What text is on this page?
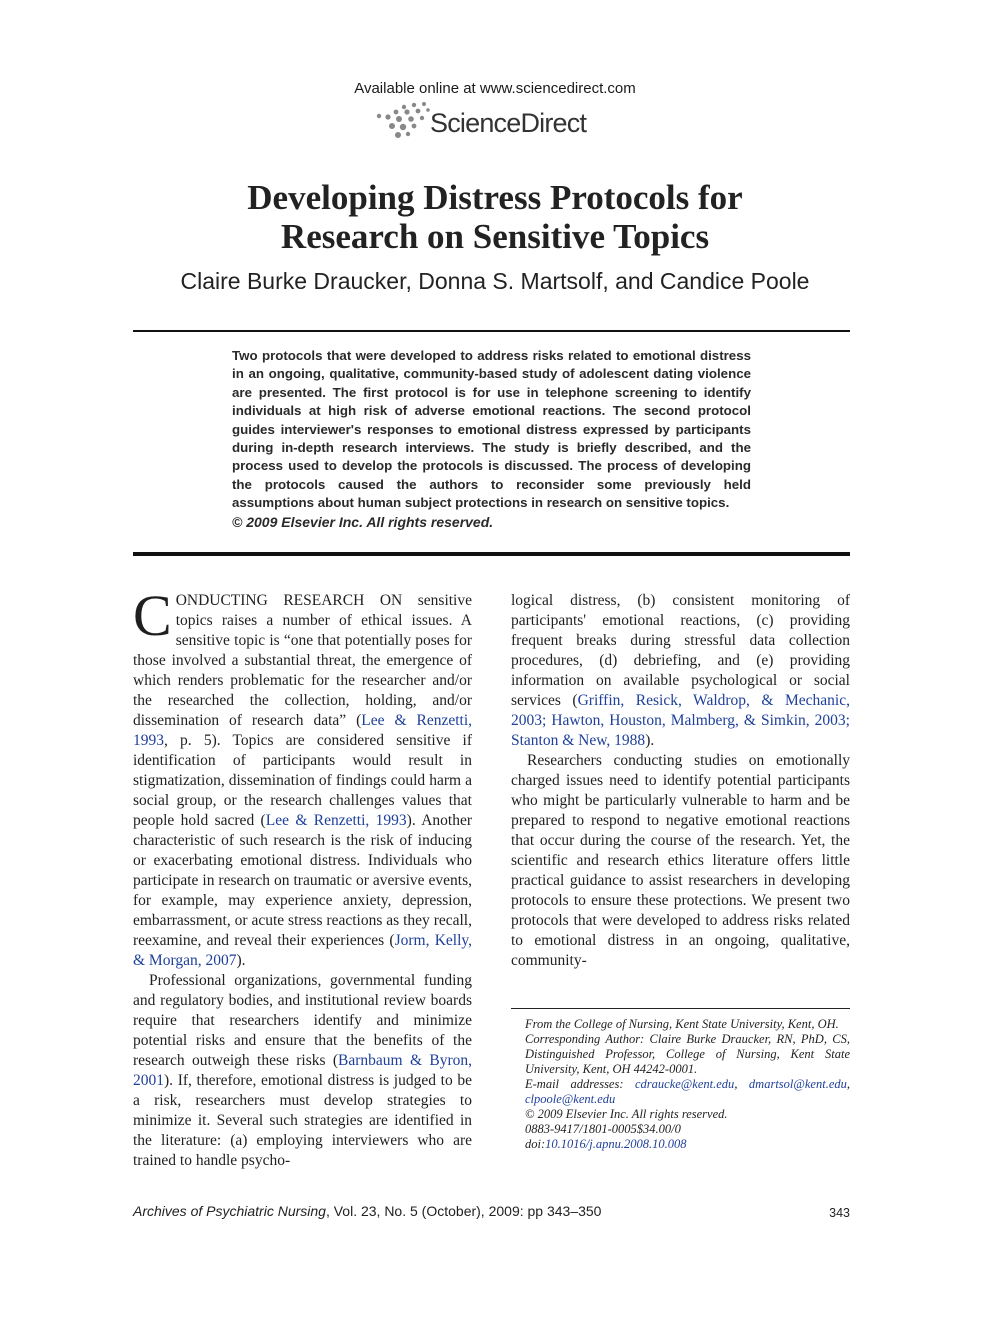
Available online at www.sciencedirect.com
ScienceDirect
Developing Distress Protocols for
Research on Sensitive Topics
Claire Burke Draucker, Donna S. Martsolf, and Candice Poole
Two protocols that were developed to address risks related to emotional distress in an ongoing, qualitative, community-based study of adolescent dating violence are presented. The first protocol is for use in telephone screening to identify individuals at high risk of adverse emotional reactions. The second protocol guides interviewer's responses to emotional distress expressed by participants during in-depth research interviews. The study is briefly described, and the process used to develop the protocols is discussed. The process of developing the protocols caused the authors to reconsider some previously held assumptions about human subject protections in research on sensitive topics.
© 2009 Elsevier Inc. All rights reserved.

CONDUCTING RESEARCH ON sensitive topics raises a number of ethical issues. A sensitive topic is “one that potentially poses for those involved a substantial threat, the emergence of which renders problematic for the researcher and/or the researched the collection, holding, and/or dissemination of research data” (Lee & Renzetti, 1993, p. 5). Topics are considered sensitive if identification of participants would result in stigmatization, dissemination of findings could harm a social group, or the research challenges values that people hold sacred (Lee & Renzetti, 1993). Another characteristic of such research is the risk of inducing or exacerbating emotional distress. Individuals who participate in research on traumatic or aversive events, for example, may experience anxiety, depression, embarrassment, or acute stress reactions as they recall, reexamine, and reveal their experiences (Jorm, Kelly, & Morgan, 2007).

Professional organizations, governmental funding and regulatory bodies, and institutional review boards require that researchers identify and minimize potential risks and ensure that the benefits of the research outweigh these risks (Barnbaum & Byron, 2001). If, therefore, emotional distress is judged to be a risk, researchers must develop strategies to minimize it. Several such strategies are identified in the literature: (a) employing interviewers who are trained to handle psycho-

logical distress, (b) consistent monitoring of participants' emotional reactions, (c) providing frequent breaks during stressful data collection procedures, (d) debriefing, and (e) providing information on available psychological or social services (Griffin, Resick, Waldrop, & Mechanic, 2003; Hawton, Houston, Malmberg, & Simkin, 2003; Stanton & New, 1988).

Researchers conducting studies on emotionally charged issues need to identify potential participants who might be particularly vulnerable to harm and be prepared to respond to negative emotional reactions that occur during the course of the research. Yet, the scientific and research ethics literature offers little practical guidance to assist researchers in developing protocols to ensure these protections. We present two protocols that were developed to address risks related to emotional distress in an ongoing, qualitative, community-

From the College of Nursing, Kent State University, Kent, OH.

Corresponding Author: Claire Burke Draucker, RN, PhD, CS, Distinguished Professor, College of Nursing, Kent State University, Kent, OH 44242-0001.

E-mail addresses: cdraucke@kent.edu, dmartsol@kent.edu, clpoole@kent.edu

© 2009 Elsevier Inc. All rights reserved.

0883-9417/1801-0005$34.00/0

doi:10.1016/j.apnu.2008.10.008

Archives of Psychiatric Nursing, Vol. 23, No. 5 (October), 2009: pp 343–350	343
